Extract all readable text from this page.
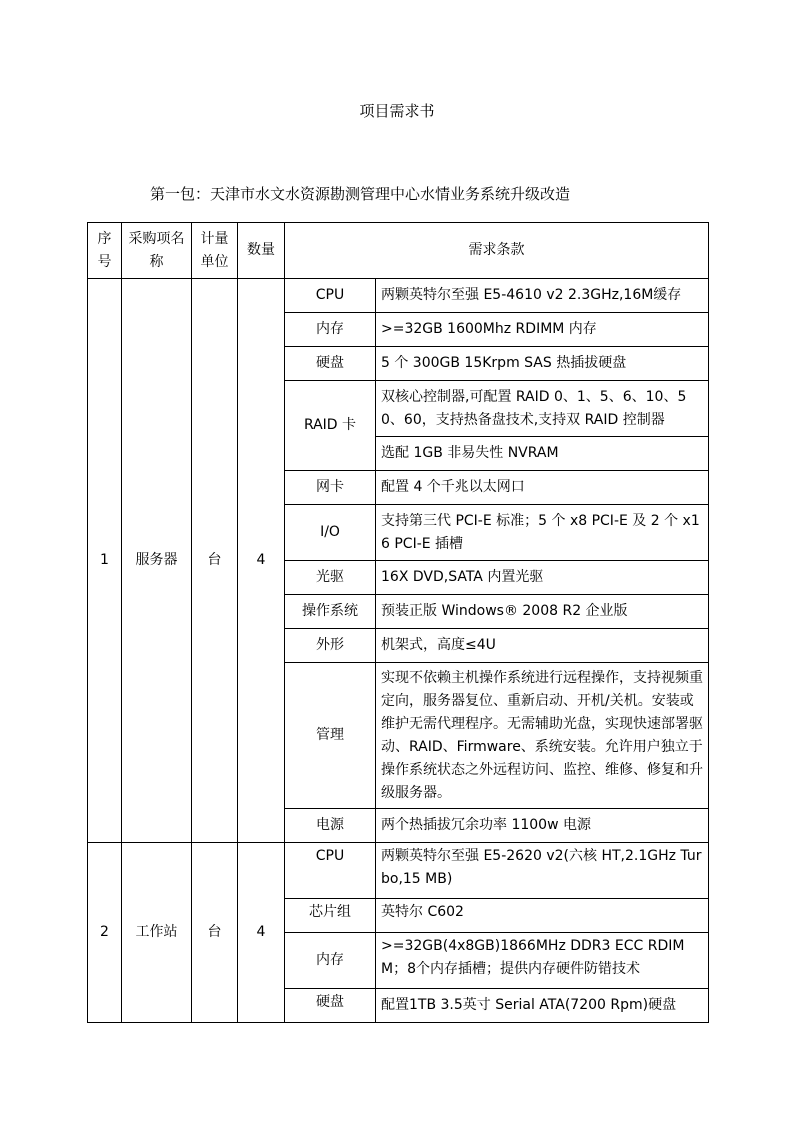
项目需求书
第一包：天津市水文水资源勘测管理中心水情业务系统升级改造
序号	采购项名称	计量单位	数量	需求条款	
1	服务器	台	4	CPU	两颗英特尔至强 E5-4610 v2 2.3GHz,16M缓存
				内存	>=32GB 1600Mhz RDIMM 内存
				硬盘	5 个 300GB 15Krpm SAS 热插拔硬盘
				RAID 卡	双核心控制器,可配置 RAID 0、1、5、6、10、50、60，支持热备盘技术,支持双 RAID 控制器
					选配 1GB 非易失性 NVRAM
				网卡	配置 4 个千兆以太网口
				I/O	支持第三代 PCI-E 标准；5 个 x8 PCI-E 及 2 个 x16 PCI-E 插槽
				光驱	16X DVD,SATA 内置光驱
				操作系统	预装正版 Windows® 2008 R2 企业版
				外形	机架式，高度≤4U
				管理	实现不依赖主机操作系统进行远程操作，支持视频重定向，服务器复位、重新启动、开机/关机。安装或维护无需代理程序。无需辅助光盘，实现快速部署驱动、RAID、Firmware、系统安装。允许用户独立于操作系统状态之外远程访问、监控、维修、修复和升级服务器。
				电源	两个热插拔冗余功率 1100w 电源
2	工作站	台	4	CPU	两颗英特尔至强 E5-2620 v2(六核 HT,2.1GHz Turbo,15 MB)
				芯片组	英特尔 C602
				内存	>=32GB(4x8GB)1866MHz DDR3 ECC RDIMM；8个内存插槽；提供内存硬件防错技术
				硬盘	配置1TB 3.5英寸 Serial ATA(7200 Rpm)硬盘
